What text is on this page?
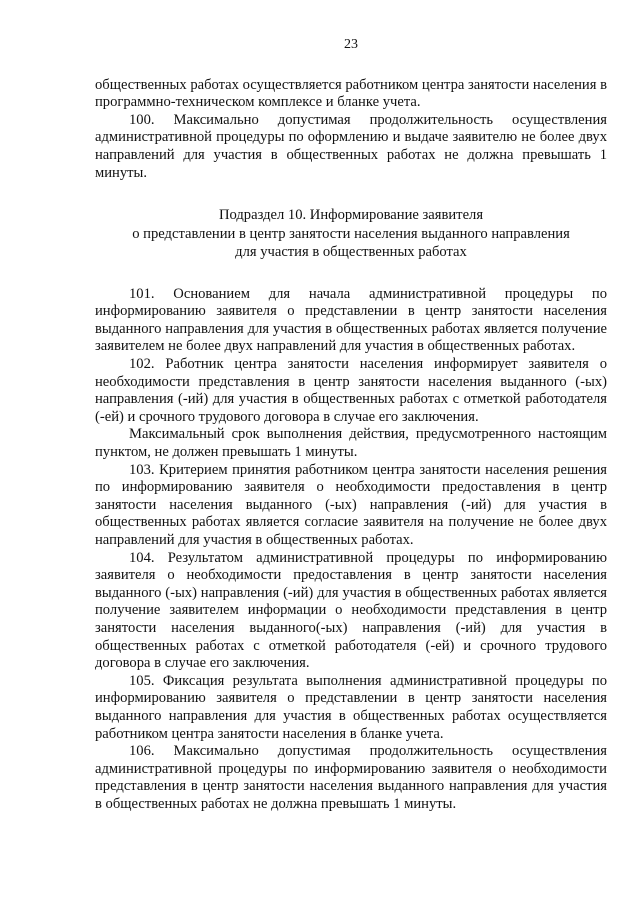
23

общественных работах осуществляется работником центра занятости населения в программно-техническом комплексе и бланке учета.

100. Максимально допустимая продолжительность осуществления административной процедуры по оформлению и выдаче заявителю не более двух направлений для участия в общественных работах не должна превышать 1 минуты.

Подраздел 10. Информирование заявителя
о представлении в центр занятости населения выданного направления
для участия в общественных работах

101. Основанием для начала административной процедуры по информированию заявителя о представлении в центр занятости населения выданного направления для участия в общественных работах является получение заявителем не более двух направлений для участия в общественных работах.

102. Работник центра занятости населения информирует заявителя о необходимости представления в центр занятости населения выданного (-ых) направления (-ий) для участия в общественных работах с отметкой работодателя (-ей) и срочного трудового договора в случае его заключения.

Максимальный срок выполнения действия, предусмотренного настоящим пунктом, не должен превышать 1 минуты.

103. Критерием принятия работником центра занятости населения решения по информированию заявителя о необходимости предоставления в центр занятости населения выданного (-ых) направления (-ий) для участия в общественных работах является согласие заявителя на получение не более двух направлений для участия в общественных работах.

104. Результатом административной процедуры по информированию заявителя о необходимости предоставления в центр занятости населения выданного (-ых) направления (-ий) для участия в общественных работах является получение заявителем информации о необходимости представления в центр занятости населения выданного(-ых) направления (-ий) для участия в общественных работах с отметкой работодателя (-ей) и срочного трудового договора в случае его заключения.

105. Фиксация результата выполнения административной процедуры по информированию заявителя о представлении в центр занятости населения выданного направления для участия в общественных работах осуществляется работником центра занятости населения в бланке учета.

106. Максимально допустимая продолжительность осуществления административной процедуры по информированию заявителя о необходимости представления в центр занятости населения выданного направления для участия в общественных работах не должна превышать 1 минуты.
